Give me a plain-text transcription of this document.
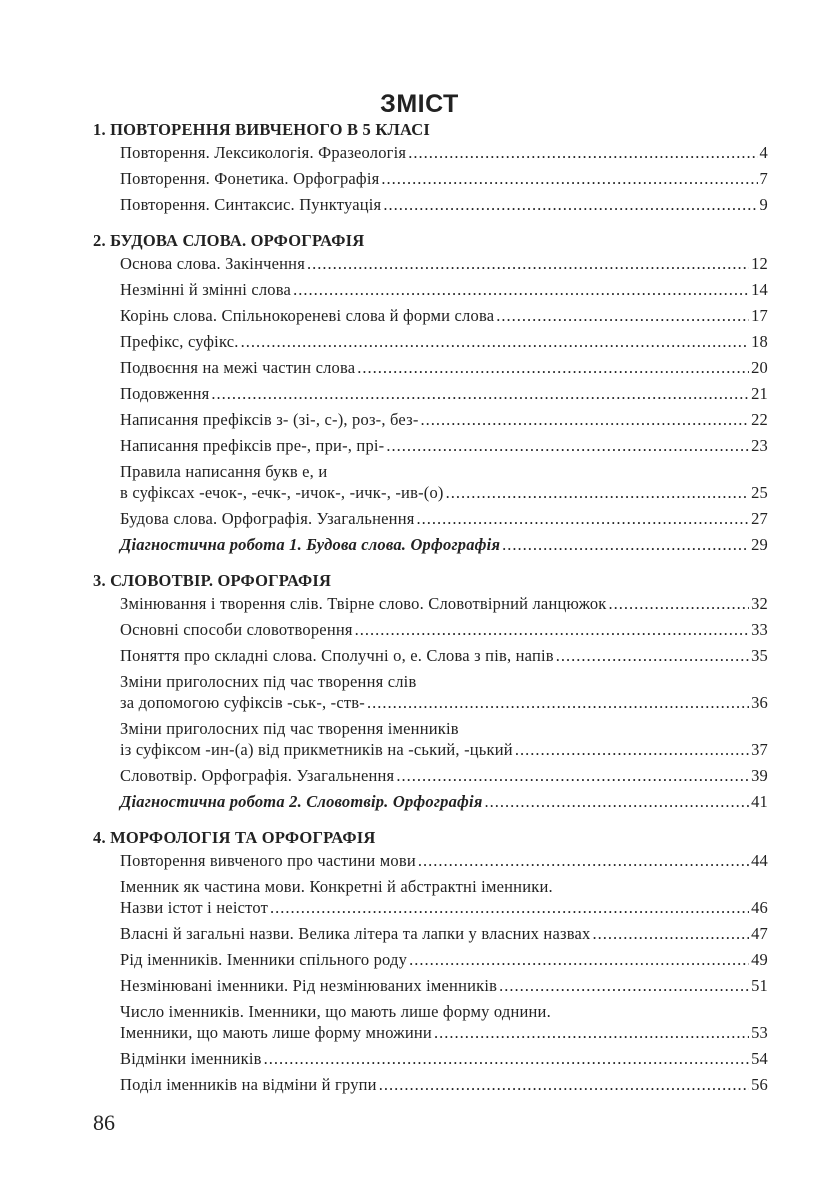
ЗМІСТ
1. ПОВТОРЕННЯ ВИВЧЕНОГО В 5 КЛАСІ
Повторення. Лексикологія. Фразеологія .....	4
Повторення. Фонетика. Орфографія .....	7
Повторення. Синтаксис. Пунктуація .....	9
2. БУДОВА СЛОВА. ОРФОГРАФІЯ
Основа слова. Закінчення .....	12
Незмінні й змінні слова .....	14
Корінь слова. Спільнокореневі слова й форми слова .....	17
Префікс, суфікс. .....	18
Подвоєння на межі частин слова .....	20
Подовження .....	21
Написання префіксів з- (зі-, с-), роз-, без- .....	22
Написання префіксів пре-, при-, прі- .....	23
Правила написання букв е, и
в суфіксах -ечок-, -ечк-, -ичок-, -ичк-, -ив-(о) .....	25
Будова слова. Орфографія. Узагальнення .....	27
Діагностична робота 1. Будова слова. Орфографія .....	29
3. СЛОВОТВІР. ОРФОГРАФІЯ
Змінювання і творення слів. Твірне слово. Словотвірний ланцюжок .....	32
Основні способи словотворення .....	33
Поняття про складні слова. Сполучні о, е. Слова з пів, напів .....	35
Зміни приголосних під час творення слів
за допомогою суфіксів -ськ-, -ств- .....	36
Зміни приголосних під час творення іменників
із суфіксом -ин-(а) від прикметників на -ський, -цький .....	37
Словотвір. Орфографія. Узагальнення .....	39
Діагностична робота 2. Словотвір. Орфографія .....	41
4. МОРФОЛОГІЯ ТА ОРФОГРАФІЯ
Повторення вивченого про частини мови .....	44
Іменник як частина мови. Конкретні й абстрактні іменники.
Назви істот і неістот .....	46
Власні й загальні назви. Велика літера та лапки у власних назвах .....	47
Рід іменників. Іменники спільного роду .....	49
Незмінювані іменники. Рід незмінюваних іменників .....	51
Число іменників. Іменники, що мають лише форму однини.
Іменники, що мають лише форму множини .....	53
Відмінки іменників .....	54
Поділ іменників на відміни й групи .....	56
86
